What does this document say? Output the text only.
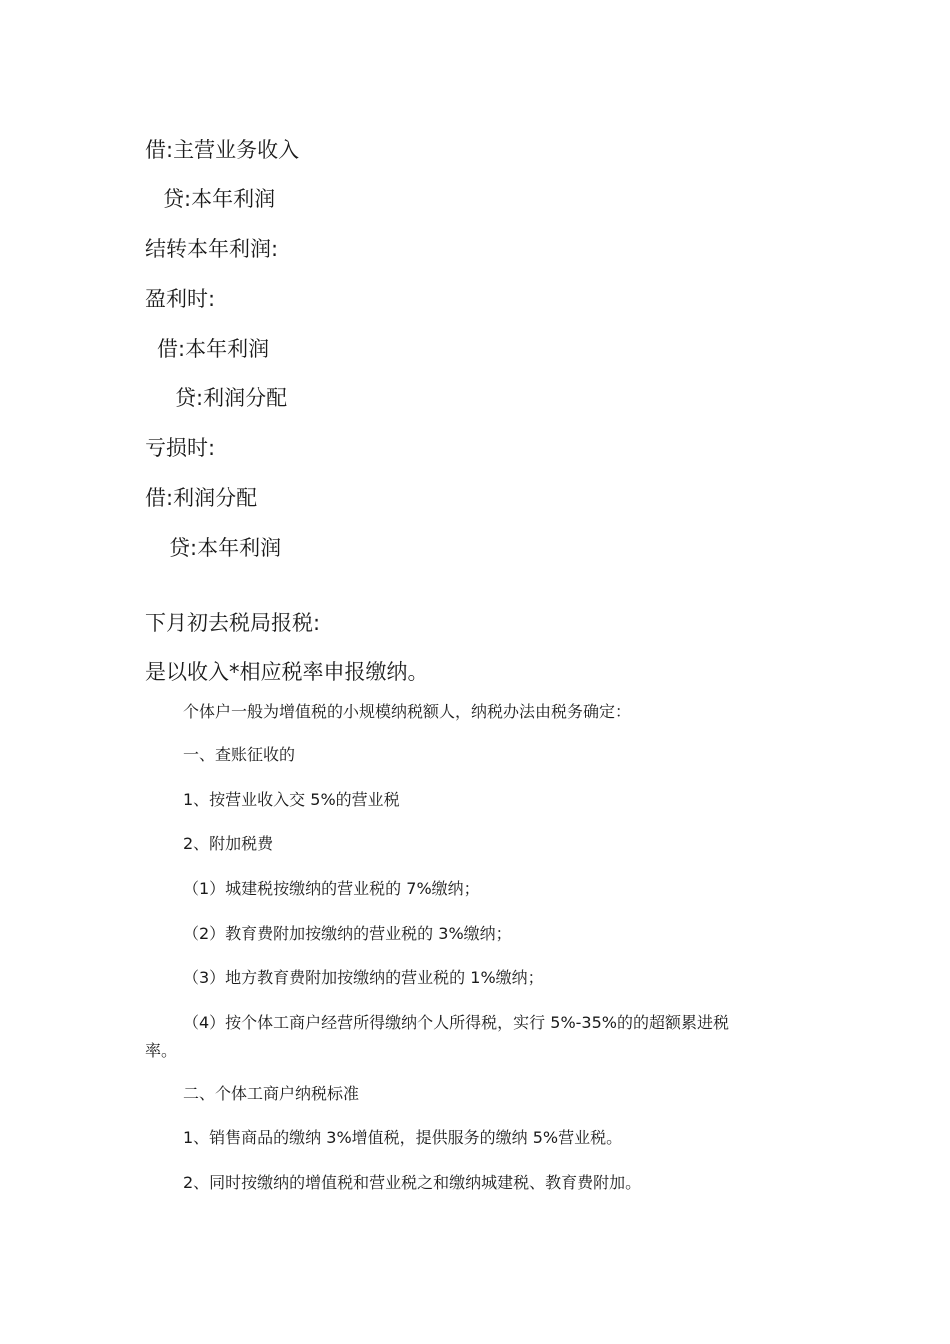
借:主营业务收入
贷:本年利润
结转本年利润:
盈利时:
借:本年利润
贷:利润分配
亏损时:
借:利润分配
贷:本年利润
下月初去税局报税:
是以收入*相应税率申报缴纳。
个体户一般为增值税的小规模纳税额人，纳税办法由税务确定：
一、查账征收的
1、按营业收入交 5%的营业税
2、附加税费
（1）城建税按缴纳的营业税的 7%缴纳；
（2）教育费附加按缴纳的营业税的 3%缴纳；
（3）地方教育费附加按缴纳的营业税的 1%缴纳；
（4）按个体工商户经营所得缴纳个人所得税，实行 5%-35%的的超额累进税
率。
二、个体工商户纳税标准
1、销售商品的缴纳 3%增值税，提供服务的缴纳 5%营业税。
2、同时按缴纳的增值税和营业税之和缴纳城建税、教育费附加。
